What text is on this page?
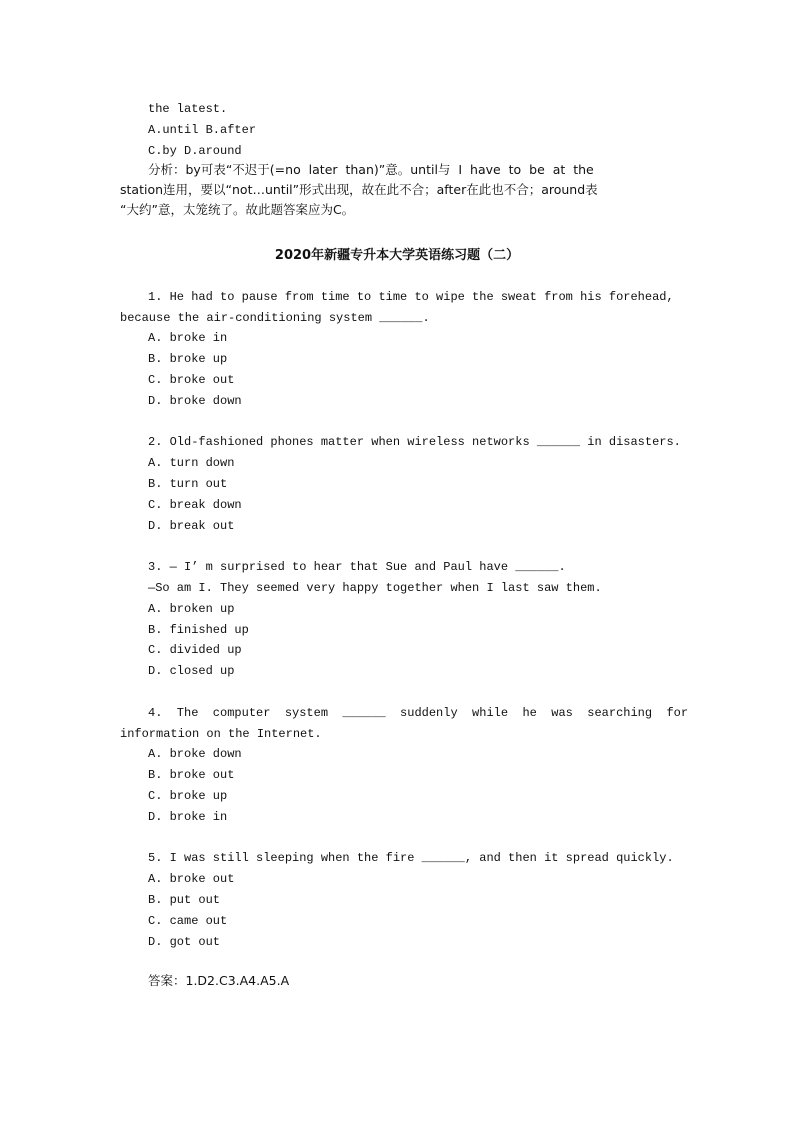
the latest.
A.until B.after
C.by D.around
分析：by可表“不迟于(=no  later  than)”意。until与  I  have  to  be  at  the
station连用，要以“not…until”形式出现，故在此不合；after在此也不合；around表
“大约”意，太笼统了。故此题答案应为C。
2020年新疆专升本大学英语练习题（二）
1. He had to pause from time to time to wipe the sweat from his forehead,
because the air-conditioning system ______.
A. broke in
B. broke up
C. broke out
D. broke down
2. Old-fashioned phones matter when wireless networks ______ in disasters.
A. turn down
B. turn out
C. break down
D. break out
3. — I’ m surprised to hear that Sue and Paul have ______.
—So am I. They seemed very happy together when I last saw them.
A. broken up
B. finished up
C. divided up
D. closed up
4.  The  computer  system  ______  suddenly  while  he  was  searching  for
information on the Internet.
A. broke down
B. broke out
C. broke up
D. broke in
5. I was still sleeping when the fire ______, and then it spread quickly.
A. broke out
B. put out
C. came out
D. got out
答案：1.D2.C3.A4.A5.A
